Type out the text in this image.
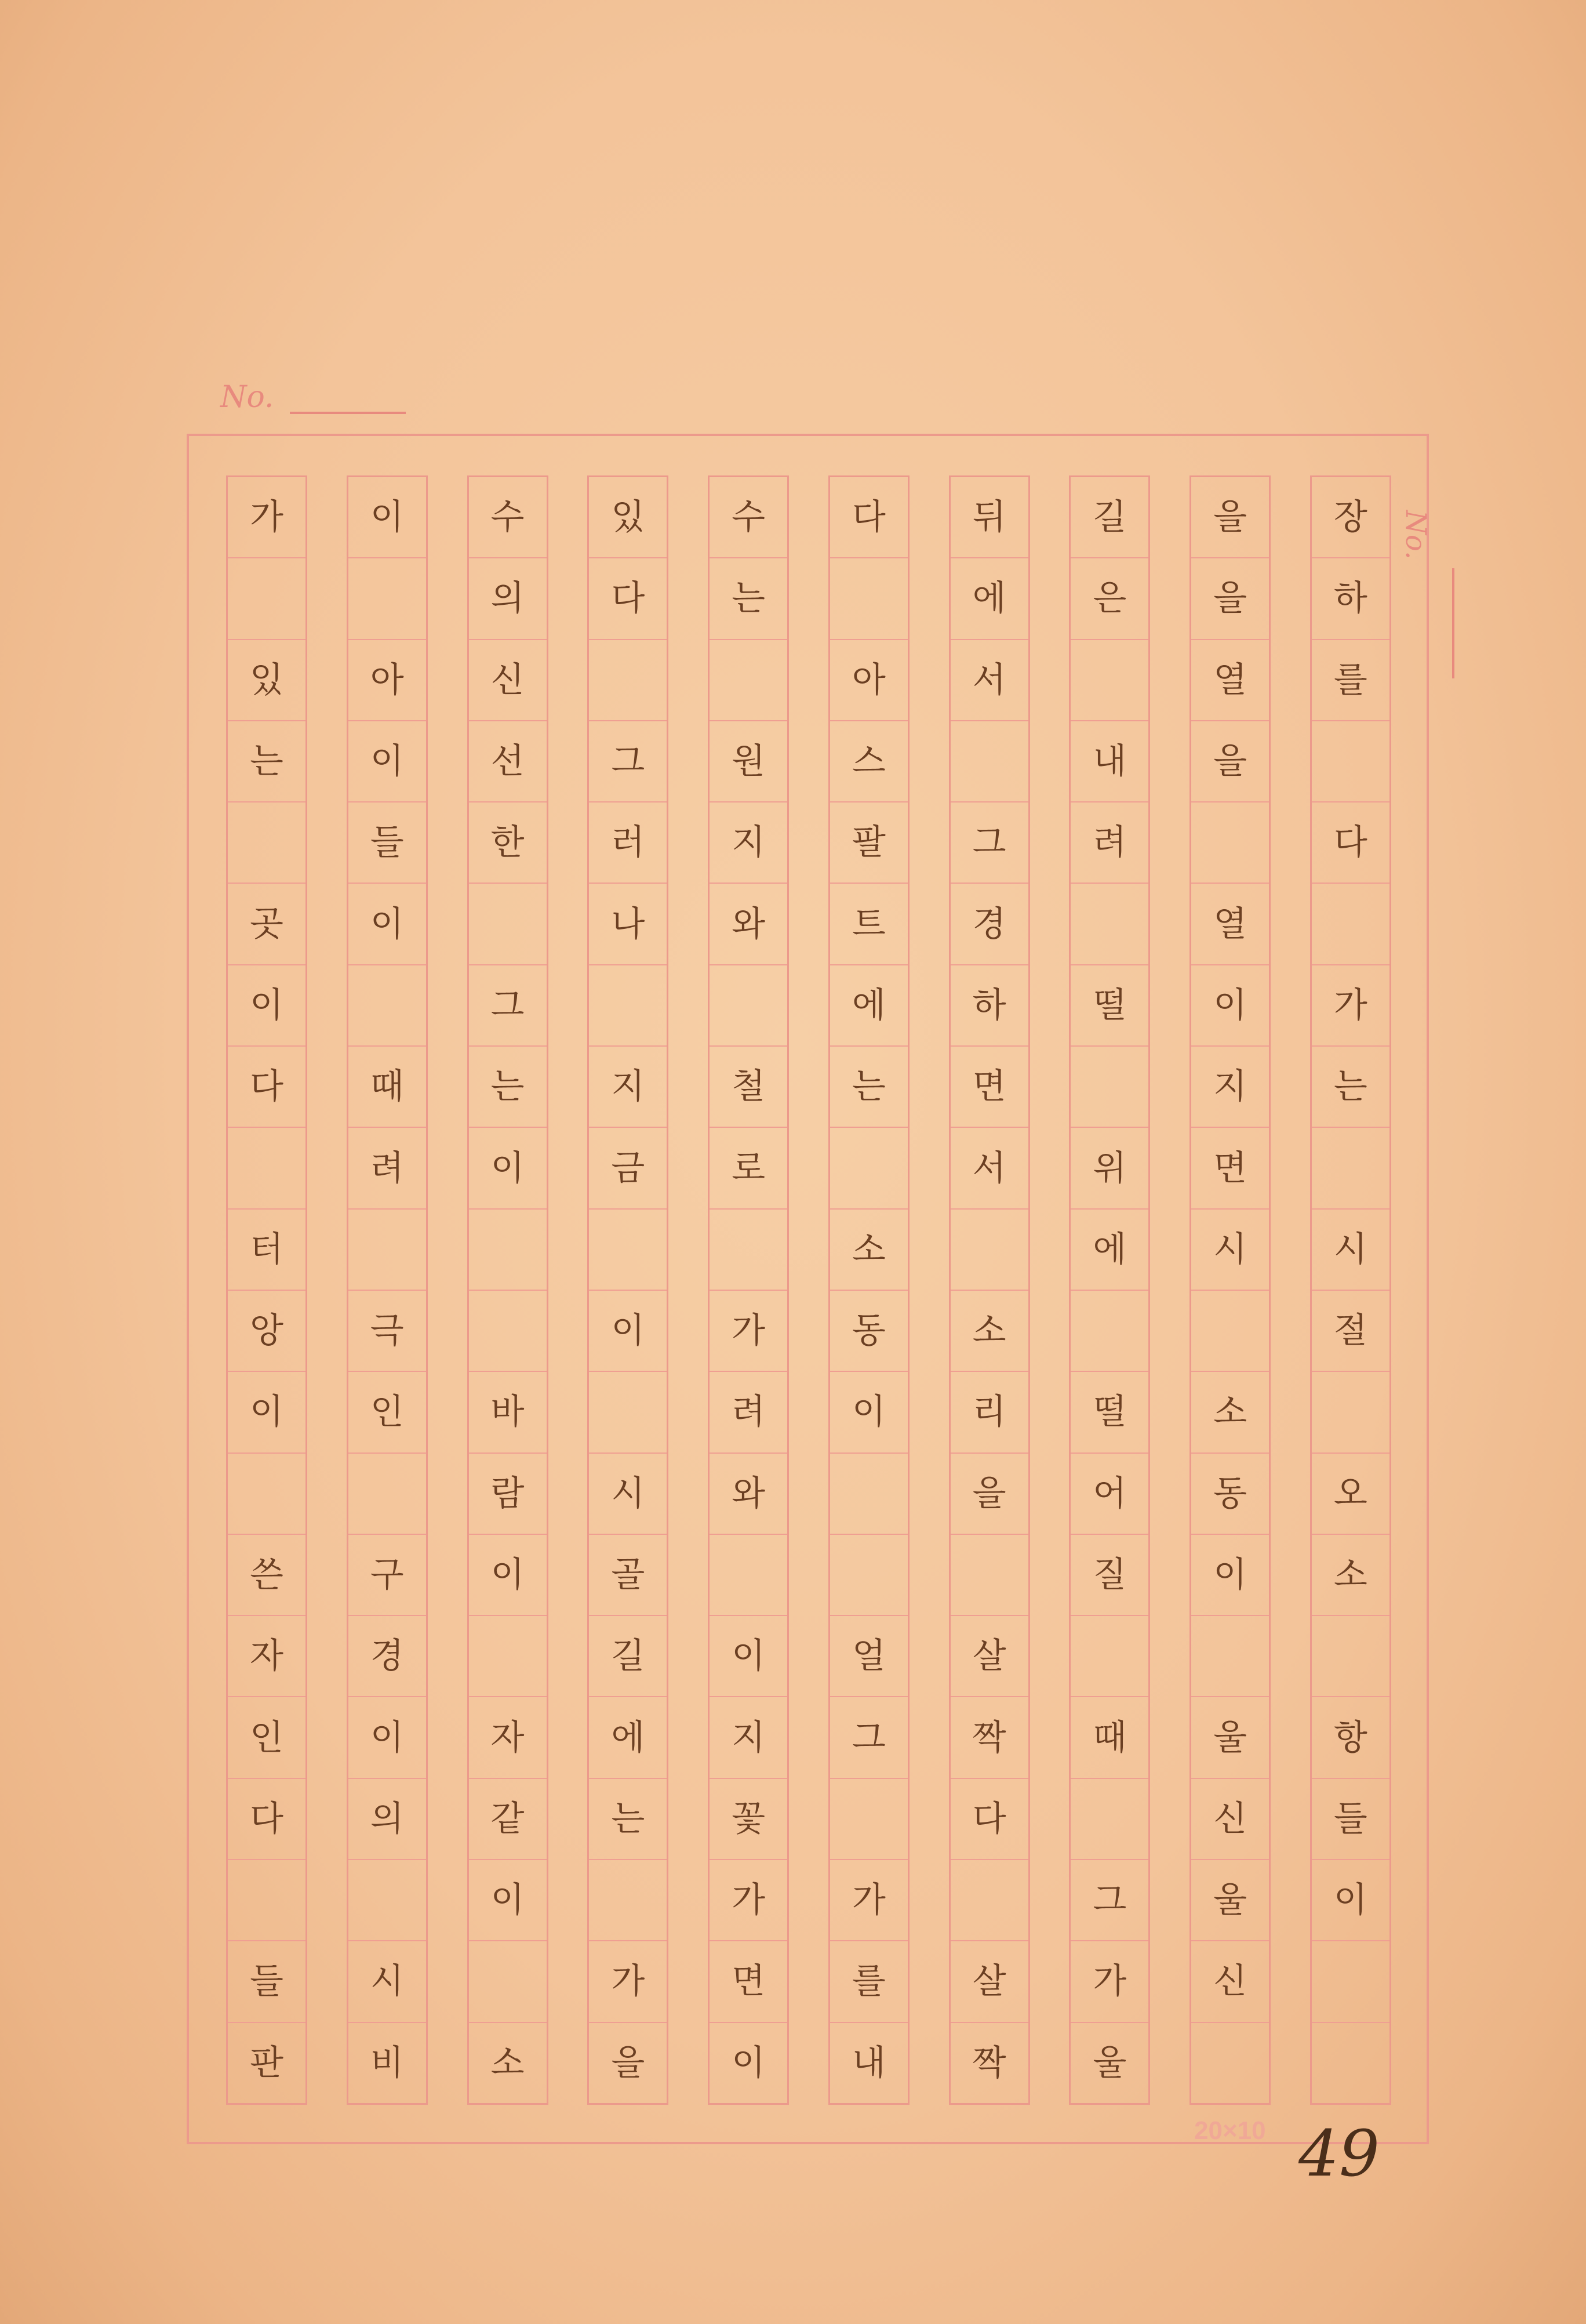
No.
No.
장
하
를
다
가
는
시
절
오
소
항
들
이
을
을
열
을
열
이
지
면
시
소
동
이
울
신
울
신
길
은
내
려
떨
위
에
떨
어
질
때
그
가
울
뒤
에
서
그
경
하
면
서
소
리
을
살
짝
다
살
짝
다
아
스
팔
트
에
는
소
동
이
얼
그
가
를
내
수
는
원
지
와
철
로
가
려
와
이
지
꽃
가
면
이
있
다
그
러
나
지
금
이
시
골
길
에
는
가
을
수
의
신
선
한
그
는
이
바
람
이
자
같
이
소
이
아
이
들
이
때
려
극
인
구
경
이
의
시
비
가
있
는
곳
이
다
터
앙
이
쓴
자
인
다
들
판
20×10 49
